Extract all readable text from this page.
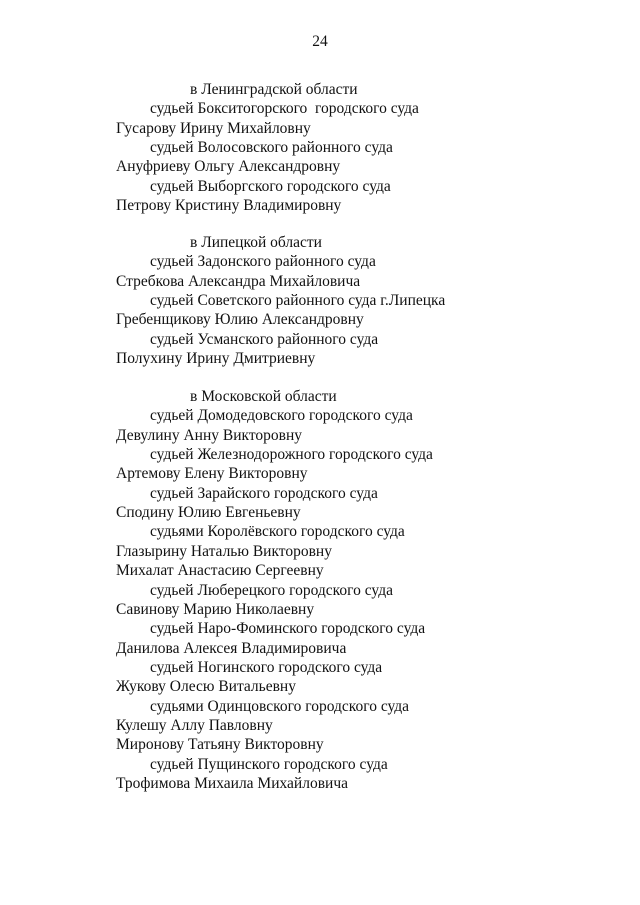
24
в Ленинградской области
судьей Бокситогорского  городского суда
Гусарову Ирину Михайловну
судьей Волосовского районного суда
Ануфриеву Ольгу Александровну
судьей Выборгского городского суда
Петрову Кристину Владимировну
в Липецкой области
судьей Задонского районного суда
Стребкова Александра Михайловича
судьей Советского районного суда г.Липецка
Гребенщикову Юлию Александровну
судьей Усманского районного суда
Полухину Ирину Дмитриевну
в Московской области
судьей Домодедовского городского суда
Девулину Анну Викторовну
судьей Железнодорожного городского суда
Артемову Елену Викторовну
судьей Зарайского городского суда
Сподину Юлию Евгеньевну
судьями Королёвского городского суда
Глазырину Наталью Викторовну
Михалат Анастасию Сергеевну
судьей Люберецкого городского суда
Савинову Марию Николаевну
судьей Наро-Фоминского городского суда
Данилова Алексея Владимировича
судьей Ногинского городского суда
Жукову Олесю Витальевну
судьями Одинцовского городского суда
Кулешу Аллу Павловну
Миронову Татьяну Викторовну
судьей Пущинского городского суда
Трофимова Михаила Михайловича
